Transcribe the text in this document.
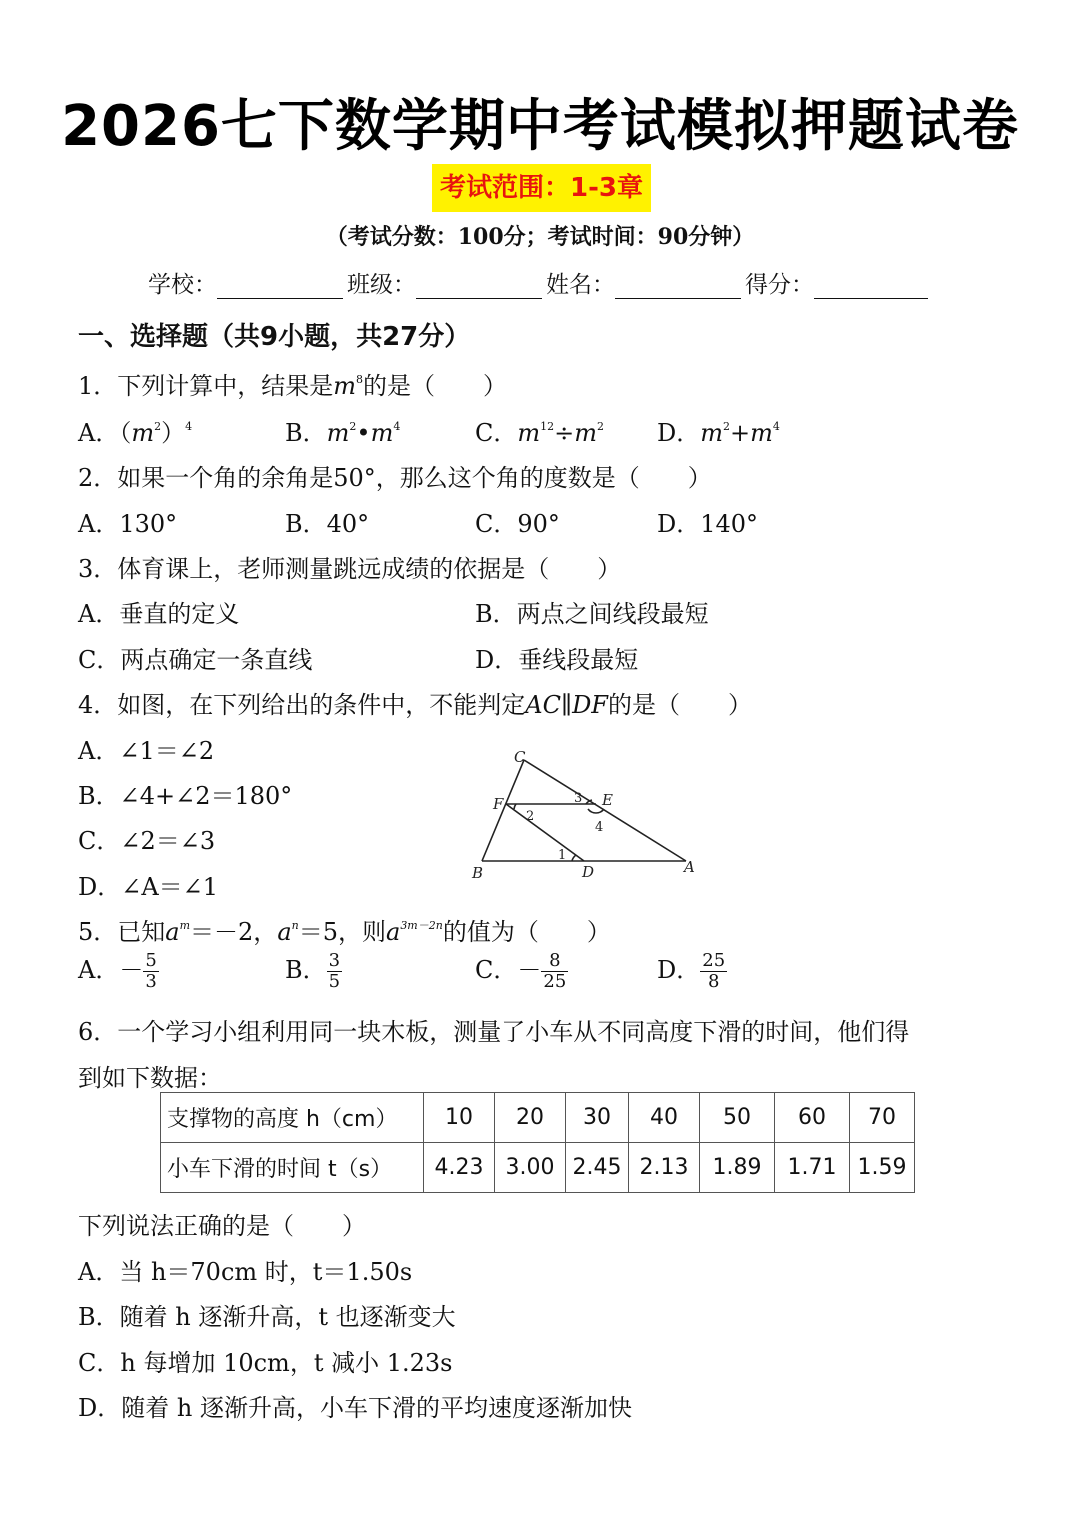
2026七下数学期中考试模拟押题试卷
考试范围：1-3章
（考试分数：100分；考试时间：90分钟）
学校：	班级：	姓名：	得分：
一、选择题（共9小题，共27分）
1．下列计算中，结果是$m^8$的是（　　）
A．$(m^2)^4$	B．$m^2•m^4$	C．$m^{12}\div m^2$ D．$m^2+m^4$
2．如果一个角的余角是50°，那么这个角的度数是（　　）
A．130°	B．40°	C．90°	D．140°
3．体育课上，老师测量跳远成绩的依据是（　　）
A．垂直的定义	B．两点之间线段最短
C．两点确定一条直线	D．垂线段最短
4．如图，在下列给出的条件中，不能判定AC∥DF的是（　　）
A．∠1＝∠2
B．∠4+∠2＝180°
C．∠2＝∠3
D．∠A＝∠1
C
F	E
B	D	A
2
3
4
1
5．已知$a^m=-2$，$a^n=5$，则$a^{3m-2n}$的值为（　　）
A．－ $\frac{5}{3}$	B． $\frac{3}{5}$	C．－ $\frac{8}{25}$	D． $\frac{25}{8}$
6．一个学习小组利用同一块木板，测量了小车从不同高度下滑的时间，他们得
到如下数据：
支撑物的高度 h（cm）	10	20	30	40	50	60	70
小车下滑的时间 t（s）	4.23	3.00	2.45	2.13	1.89	1.71	1.59
下列说法正确的是（　　）
A．当 h＝70cm 时，t＝1.50s
B．随着 h 逐渐升高，t 也逐渐变大
C．h 每增加 10cm，t 减小 1.23s
D．随着 h 逐渐升高，小车下滑的平均速度逐渐加快
